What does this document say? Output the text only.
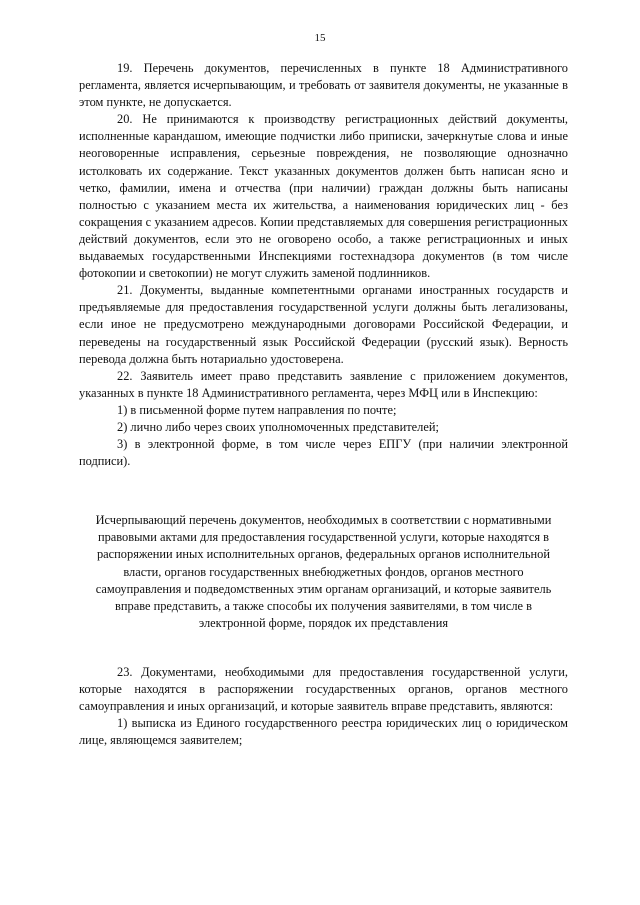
15

19. Перечень документов, перечисленных в пункте 18 Административного регламента, является исчерпывающим, и требовать от заявителя документы, не указанные в этом пункте, не допускается.

20. Не принимаются к производству регистрационных действий документы, исполненные карандашом, имеющие подчистки либо приписки, зачеркнутые слова и иные неоговоренные исправления, серьезные повреждения, не позволяющие однозначно истолковать их содержание. Текст указанных документов должен быть написан ясно и четко, фамилии, имена и отчества (при наличии) граждан должны быть написаны полностью с указанием места их жительства, а наименования юридических лиц - без сокращения с указанием адресов. Копии представляемых для совершения регистрационных действий документов, если это не оговорено особо, а также регистрационных и иных выдаваемых государственными Инспекциями гостехнадзора документов (в том числе фотокопии и светокопии) не могут служить заменой подлинников.

21. Документы, выданные компетентными органами иностранных государств и предъявляемые для предоставления государственной услуги должны быть легализованы, если иное не предусмотрено международными договорами Российской Федерации, и переведены на государственный язык Российской Федерации (русский язык). Верность перевода должна быть нотариально удостоверена.

22. Заявитель имеет право представить заявление с приложением документов, указанных в пункте 18 Административного регламента, через МФЦ или в Инспекцию:

1) в письменной форме путем направления по почте;

2) лично либо через своих уполномоченных представителей;

3) в электронной форме, в том числе через ЕПГУ (при наличии электронной подписи).

Исчерпывающий перечень документов, необходимых в соответствии с нормативными правовыми актами для предоставления государственной услуги, которые находятся в распоряжении иных исполнительных органов, федеральных органов исполнительной власти, органов государственных внебюджетных фондов, органов местного самоуправления и подведомственных этим органам организаций, и которые заявитель вправе представить, а также способы их получения заявителями, в том числе в электронной форме, порядок их представления

23. Документами, необходимыми для предоставления государственной услуги, которые находятся в распоряжении государственных органов, органов местного самоуправления и иных организаций, и которые заявитель вправе представить, являются:

1) выписка из Единого государственного реестра юридических лиц о юридическом лице, являющемся заявителем;
